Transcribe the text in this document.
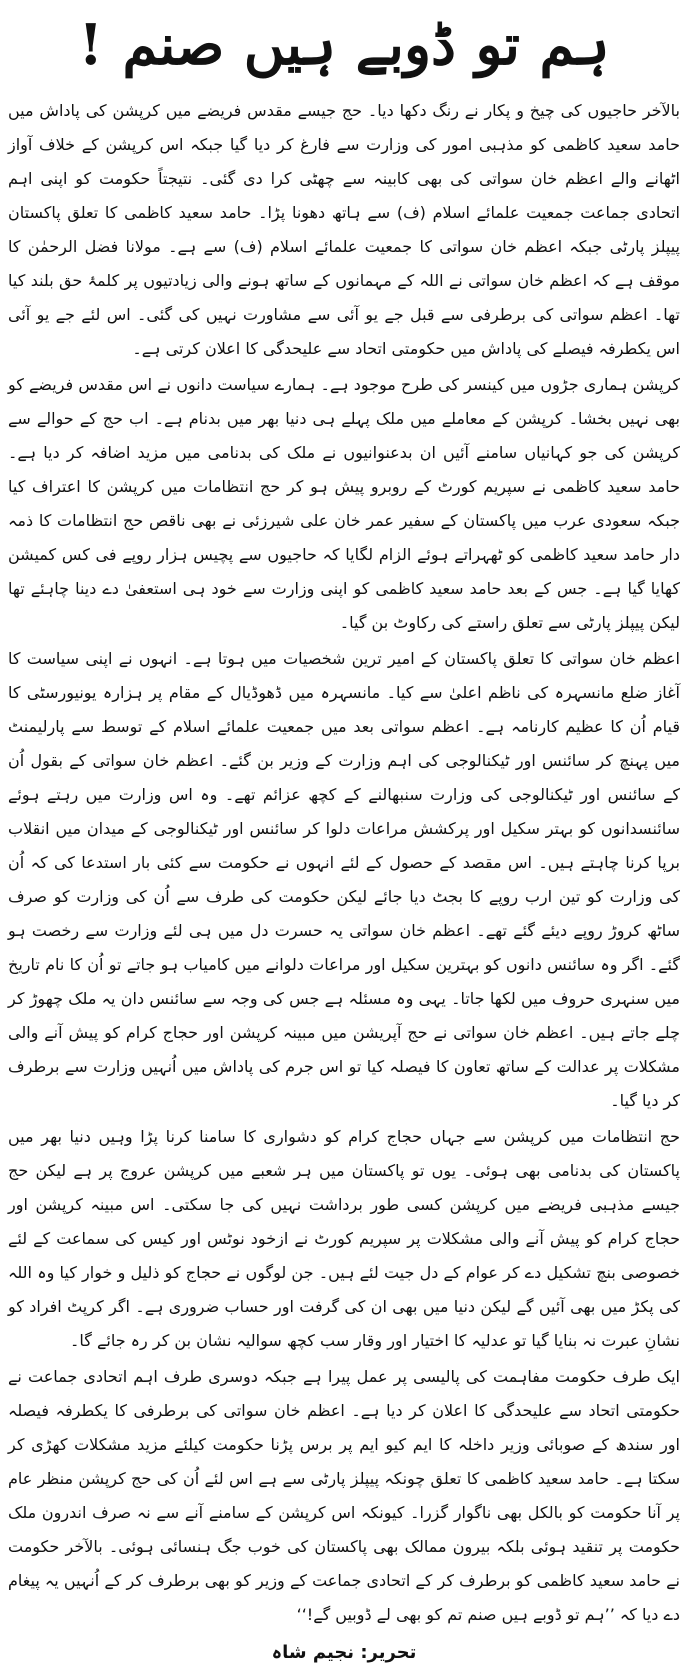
ہم تو ڈوبے ہیں صنم !

بالآخر حاجیوں کی چیخ و پکار نے رنگ دکھا دیا۔ حج جیسے مقدس فریضے میں کرپشن کی پاداش میں حامد سعید کاظمی کو مذہبی امور کی وزارت سے فارغ کر دیا گیا جبکہ اس کرپشن کے خلاف آواز اٹھانے والے اعظم خان سواتی کی بھی کابینہ سے چھٹی کرا دی گئی۔ نتیجتاً حکومت کو اپنی اہم اتحادی جماعت جمعیت علمائے اسلام (ف) سے ہاتھ دھونا پڑا۔ حامد سعید کاظمی کا تعلق پاکستان پیپلز پارٹی جبکہ اعظم خان سواتی کا جمعیت علمائے اسلام (ف) سے ہے۔ مولانا فضل الرحمٰن کا موقف ہے کہ اعظم خان سواتی نے اللہ کے مہمانوں کے ساتھ ہونے والی زیادتیوں پر کلمۂ حق بلند کیا تھا۔ اعظم سواتی کی برطرفی سے قبل جے یو آئی سے مشاورت نہیں کی گئی۔ اس لئے جے یو آئی اس یکطرفہ فیصلے کی پاداش میں حکومتی اتحاد سے علیحدگی کا اعلان کرتی ہے۔

کرپشن ہماری جڑوں میں کینسر کی طرح موجود ہے۔ ہمارے سیاست دانوں نے اس مقدس فریضے کو بھی نہیں بخشا۔ کرپشن کے معاملے میں ملک پہلے ہی دنیا بھر میں بدنام ہے۔ اب حج کے حوالے سے کرپشن کی جو کہانیاں سامنے آئیں ان بدعنوانیوں نے ملک کی بدنامی میں مزید اضافہ کر دیا ہے۔ حامد سعید کاظمی نے سپریم کورٹ کے روبرو پیش ہو کر حج انتظامات میں کرپشن کا اعتراف کیا جبکہ سعودی عرب میں پاکستان کے سفیر عمر خان علی شیرزئی نے بھی ناقص حج انتظامات کا ذمہ دار حامد سعید کاظمی کو ٹھہراتے ہوئے الزام لگایا کہ حاجیوں سے پچیس ہزار روپے فی کس کمیشن کھایا گیا ہے۔ جس کے بعد حامد سعید کاظمی کو اپنی وزارت سے خود ہی استعفیٰ دے دینا چاہئے تھا لیکن پیپلز پارٹی سے تعلق راستے کی رکاوٹ بن گیا۔

اعظم خان سواتی کا تعلق پاکستان کے امیر ترین شخصیات میں ہوتا ہے۔ انہوں نے اپنی سیاست کا آغاز ضلع مانسہرہ کی ناظم اعلیٰ سے کیا۔ مانسہرہ میں ڈھوڈیال کے مقام پر ہزارہ یونیورسٹی کا قیام اُن کا عظیم کارنامہ ہے۔ اعظم سواتی بعد میں جمعیت علمائے اسلام کے توسط سے پارلیمنٹ میں پہنچ کر سائنس اور ٹیکنالوجی کی اہم وزارت کے وزیر بن گئے۔ اعظم خان سواتی کے بقول اُن کے سائنس اور ٹیکنالوجی کی وزارت سنبھالنے کے کچھ عزائم تھے۔ وہ اس وزارت میں رہتے ہوئے سائنسدانوں کو بہتر سکیل اور پرکشش مراعات دلوا کر سائنس اور ٹیکنالوجی کے میدان میں انقلاب برپا کرنا چاہتے ہیں۔ اس مقصد کے حصول کے لئے انہوں نے حکومت سے کئی بار استدعا کی کہ اُن کی وزارت کو تین ارب روپے کا بجٹ دیا جائے لیکن حکومت کی طرف سے اُن کی وزارت کو صرف ساٹھ کروڑ روپے دیئے گئے تھے۔ اعظم خان سواتی یہ حسرت دل میں ہی لئے وزارت سے رخصت ہو گئے۔ اگر وہ سائنس دانوں کو بہترین سکیل اور مراعات دلوانے میں کامیاب ہو جاتے تو اُن کا نام تاریخ میں سنہری حروف میں لکھا جاتا۔ یہی وہ مسئلہ ہے جس کی وجہ سے سائنس دان یہ ملک چھوڑ کر چلے جاتے ہیں۔ اعظم خان سواتی نے حج آپریشن میں مبینہ کرپشن اور حجاج کرام کو پیش آنے والی مشکلات پر عدالت کے ساتھ تعاون کا فیصلہ کیا تو اس جرم کی پاداش میں اُنہیں وزارت سے برطرف کر دیا گیا۔

حج انتظامات میں کرپشن سے جہاں حجاج کرام کو دشواری کا سامنا کرنا پڑا وہیں دنیا بھر میں پاکستان کی بدنامی بھی ہوئی۔ یوں تو پاکستان میں ہر شعبے میں کرپشن عروج پر ہے لیکن حج جیسے مذہبی فریضے میں کرپشن کسی طور برداشت نہیں کی جا سکتی۔ اس مبینہ کرپشن اور حجاج کرام کو پیش آنے والی مشکلات پر سپریم کورٹ نے ازخود نوٹس اور کیس کی سماعت کے لئے خصوصی بنچ تشکیل دے کر عوام کے دل جیت لئے ہیں۔ جن لوگوں نے حجاج کو ذلیل و خوار کیا وہ اللہ کی پکڑ میں بھی آئیں گے لیکن دنیا میں بھی ان کی گرفت اور حساب ضروری ہے۔ اگر کرپٹ افراد کو نشانِ عبرت نہ بنایا گیا تو عدلیہ کا اختیار اور وقار سب کچھ سوالیہ نشان بن کر رہ جائے گا۔

ایک طرف حکومت مفاہمت کی پالیسی پر عمل پیرا ہے جبکہ دوسری طرف اہم اتحادی جماعت نے حکومتی اتحاد سے علیحدگی کا اعلان کر دیا ہے۔ اعظم خان سواتی کی برطرفی کا یکطرفہ فیصلہ اور سندھ کے صوبائی وزیر داخلہ کا ایم کیو ایم پر برس پڑنا حکومت کیلئے مزید مشکلات کھڑی کر سکتا ہے۔ حامد سعید کاظمی کا تعلق چونکہ پیپلز پارٹی سے ہے اس لئے اُن کی حج کرپشن منظر عام پر آنا حکومت کو بالکل بھی ناگوار گزرا۔ کیونکہ اس کرپشن کے سامنے آنے سے نہ صرف اندرون ملک حکومت پر تنقید ہوئی بلکہ بیرون ممالک بھی پاکستان کی خوب جگ ہنسائی ہوئی۔ بالآخر حکومت نے حامد سعید کاظمی کو برطرف کر کے اتحادی جماعت کے وزیر کو بھی برطرف کر کے اُنہیں یہ پیغام دے دیا کہ ’’ہم تو ڈوبے ہیں صنم تم کو بھی لے ڈوبیں گے!‘‘

تحریر: نجیم شاہ
